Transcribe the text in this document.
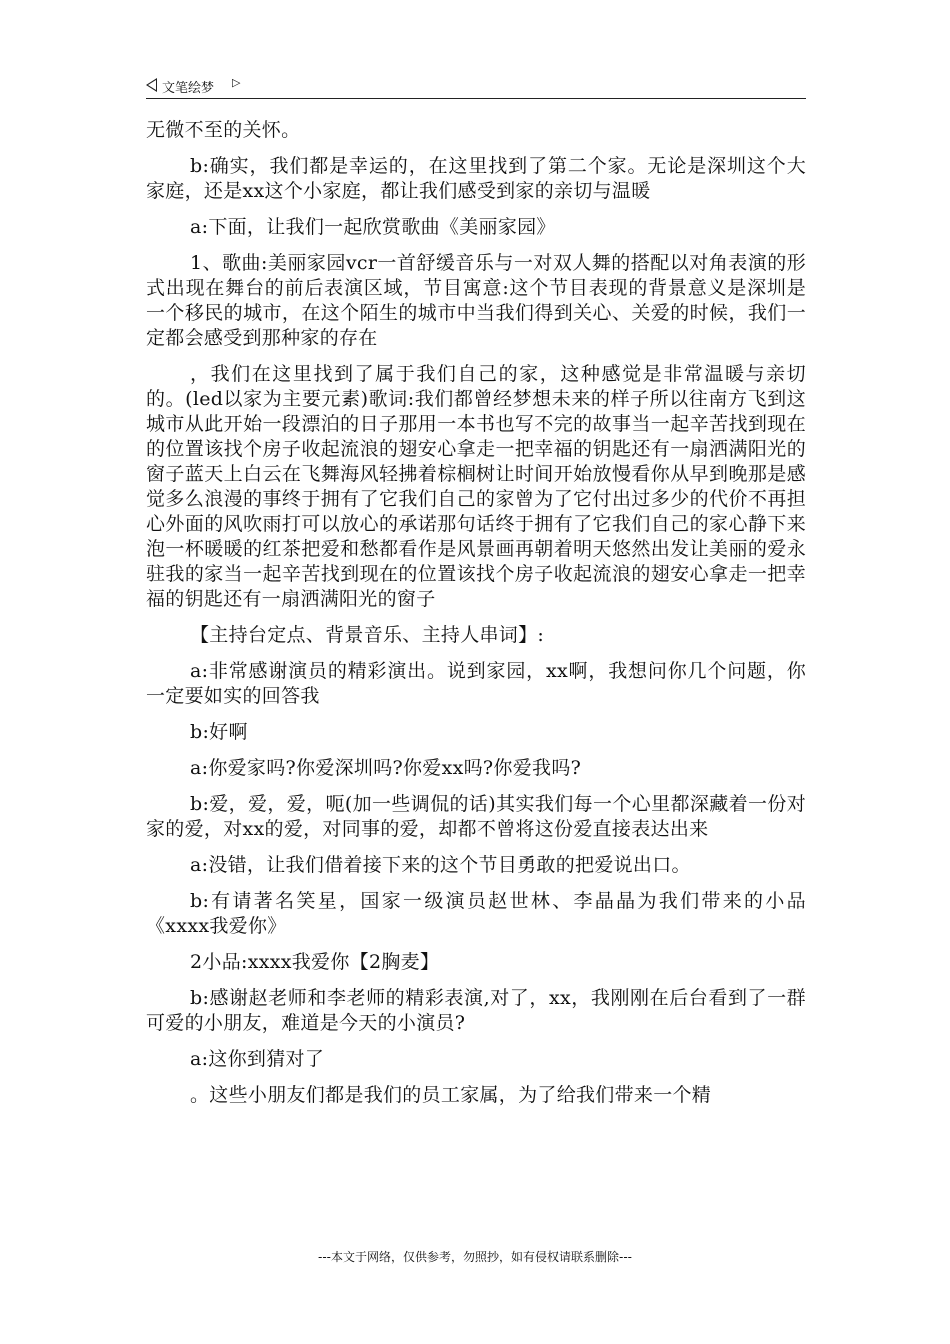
文笔绘梦 ▷

无微不至的关怀。

b:确实，我们都是幸运的，在这里找到了第二个家。无论是深圳这个大家庭，还是xx这个小家庭，都让我们感受到家的亲切与温暖

a:下面，让我们一起欣赏歌曲《美丽家园》

1、歌曲:美丽家园vcr一首舒缓音乐与一对双人舞的搭配以对角表演的形式出现在舞台的前后表演区域，节目寓意:这个节目表现的背景意义是深圳是一个移民的城市，在这个陌生的城市中当我们得到关心、关爱的时候，我们一定都会感受到那种家的存在

，我们在这里找到了属于我们自己的家，这种感觉是非常温暖与亲切的。(led以家为主要元素)歌词:我们都曾经梦想未来的样子所以往南方飞到这城市从此开始一段漂泊的日子那用一本书也写不完的故事当一起辛苦找到现在的位置该找个房子收起流浪的翅安心拿走一把幸福的钥匙还有一扇洒满阳光的窗子蓝天上白云在飞舞海风轻拂着棕榈树让时间开始放慢看你从早到晚那是感觉多么浪漫的事终于拥有了它我们自己的家曾为了它付出过多少的代价不再担心外面的风吹雨打可以放心的承诺那句话终于拥有了它我们自己的家心静下来泡一杯暖暖的红茶把爱和愁都看作是风景画再朝着明天悠然出发让美丽的爱永驻我的家当一起辛苦找到现在的位置该找个房子收起流浪的翅安心拿走一把幸福的钥匙还有一扇洒满阳光的窗子

【主持台定点、背景音乐、主持人串词】:

a:非常感谢演员的精彩演出。说到家园，xx啊，我想问你几个问题，你一定要如实的回答我

b:好啊

a:你爱家吗?你爱深圳吗?你爱xx吗?你爱我吗?

b:爱，爱，爱，呃(加一些调侃的话)其实我们每一个心里都深藏着一份对家的爱，对xx的爱，对同事的爱，却都不曾将这份爱直接表达出来

a:没错，让我们借着接下来的这个节目勇敢的把爱说出口。

b:有请著名笑星，国家一级演员赵世林、李晶晶为我们带来的小品《xxxx我爱你》

2小品:xxxx我爱你【2胸麦】

b:感谢赵老师和李老师的精彩表演,对了，xx，我刚刚在后台看到了一群可爱的小朋友，难道是今天的小演员?

a:这你到猜对了

。这些小朋友们都是我们的员工家属，为了给我们带来一个精

---本文于网络，仅供参考，勿照抄，如有侵权请联系删除---
